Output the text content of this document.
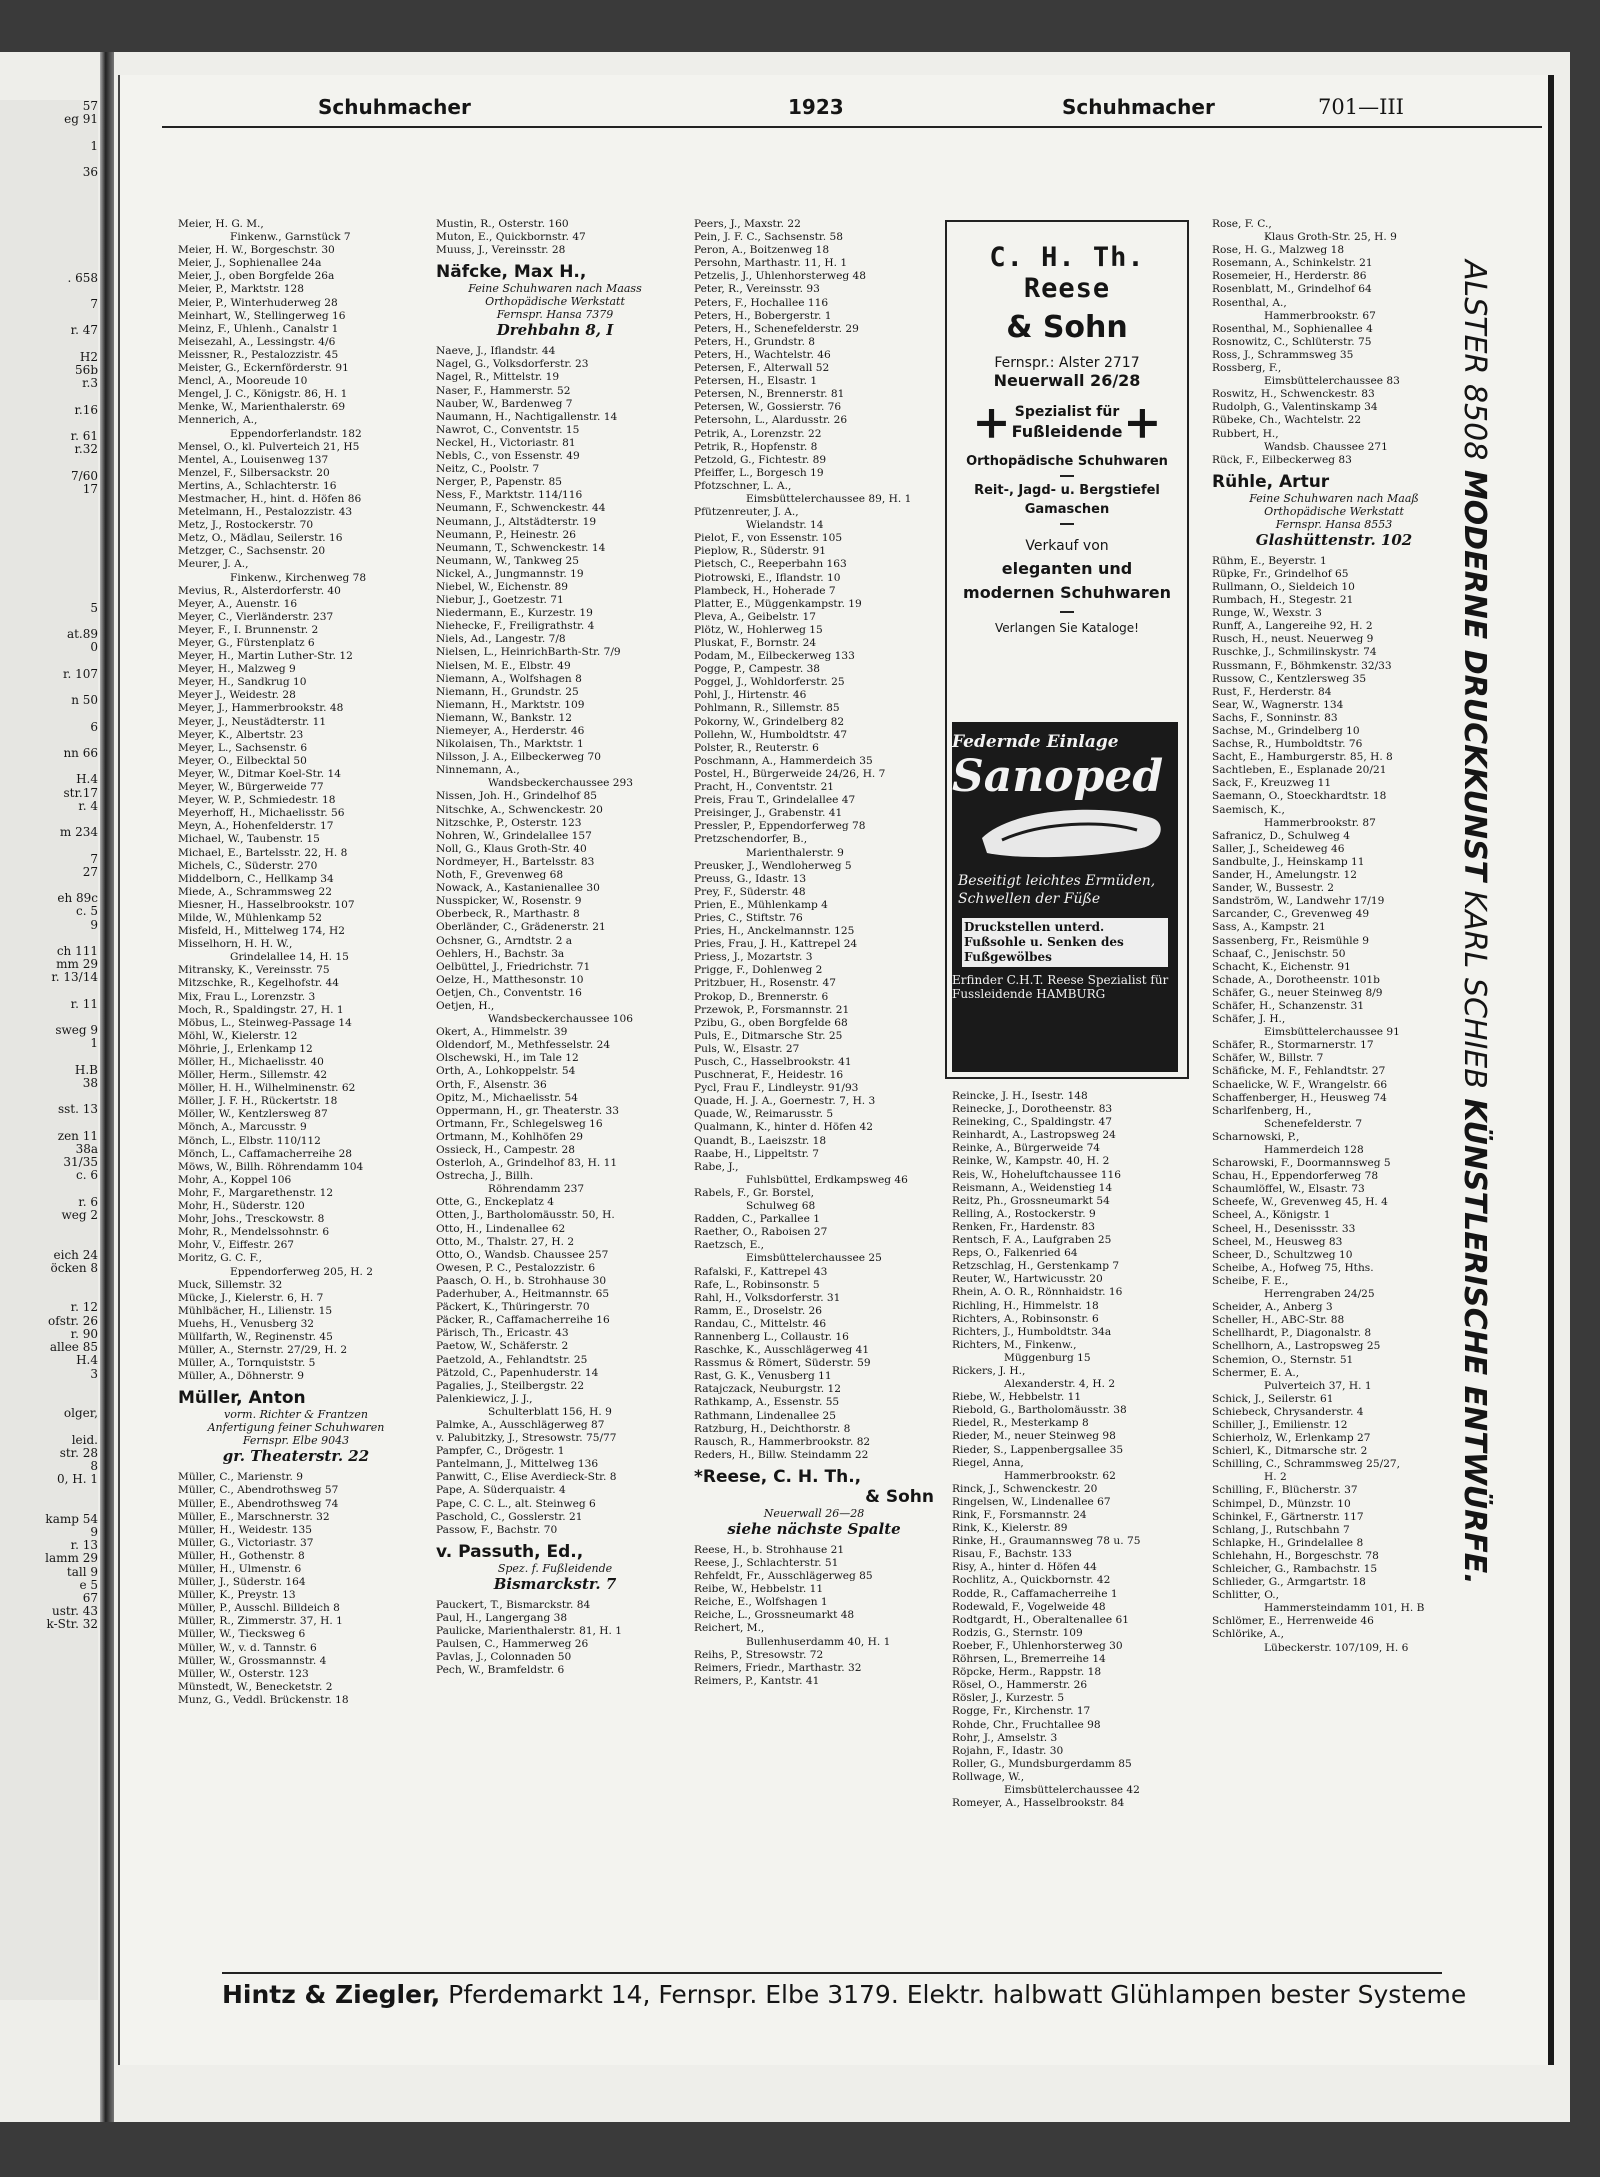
57
eg 91

1

36

. 658

7

r. 47

H2
56b
r.3

r.16

r. 61
r.32

7/60
17

5

at.89
0

r. 107

n 50

6

nn 66

H.4
str.17
r. 4

m 234

7
27

eh 89c
c. 5
9

ch 111
mm 29
r. 13/14

r. 11

sweg 9
1

H.B
38

sst. 13

zen 11
38a
31/35
c. 6

r. 6
weg 2

eich 24
öcken 8

r. 12
ofstr. 26
r. 90
allee 85
H.4
3

olger,

leid.
str. 28
8
0, H. 1

kamp 54
9
r. 13
lamm 29
tall 9
e 5
67
ustr. 43
k-Str. 32
Schuhmacher	1923	Schuhmacher	701—III
Meier, H. G. M.,
Finkenw., Garnstück 7
Meier, H. W., Borgeschstr. 30
Meier, J., Sophienallee 24a
Meier, J., oben Borgfelde 26a
Meier, P., Marktstr. 128
Meier, P., Winterhuderweg 28
Meinhart, W., Stellingerweg 16
Meinz, F., Uhlenh., Canalstr 1
Meisezahl, A., Lessingstr. 4/6
Meissner, R., Pestalozzistr. 45
Meister, G., Eckernförderstr. 91
Mencl, A., Mooreude 10
Mengel, J. C., Königstr. 86, H. 1
Menke, W., Marienthalerstr. 69
Mennerich, A.,
Eppendorferlandstr. 182
Mensel, O., kl. Pulverteich 21, H5
Mentel, A., Louisenweg 137
Menzel, F., Silbersackstr. 20
Mertins, A., Schlachterstr. 16
Mestmacher, H., hint. d. Höfen 86
Metelmann, H., Pestalozzistr. 43
Metz, J., Rostockerstr. 70
Metz, O., Mädlau, Seilerstr. 16
Metzger, C., Sachsenstr. 20
Meurer, J. A.,
Finkenw., Kirchenweg 78
Mevius, R., Alsterdorferstr. 40
Meyer, A., Auenstr. 16
Meyer, C., Vierländerstr. 237
Meyer, F., I. Brunnenstr. 2
Meyer, G., Fürstenplatz 6
Meyer, H., Martin Luther-Str. 12
Meyer, H., Malzweg 9
Meyer, H., Sandkrug 10
Meyer J., Weidestr. 28
Meyer, J., Hammerbrookstr. 48
Meyer, J., Neustädterstr. 11
Meyer, K., Albertstr. 23
Meyer, L., Sachsenstr. 6
Meyer, O., Eilbecktal 50
Meyer, W., Ditmar Koel-Str. 14
Meyer, W., Bürgerweide 77
Meyer, W. P., Schmiedestr. 18
Meyerhoff, H., Michaelisstr. 56
Meyn, A., Hohenfelderstr. 17
Michael, W., Taubenstr. 15
Michael, E., Bartelsstr. 22, H. 8
Michels, C., Süderstr. 270
Middelborn, C., Hellkamp 34
Miede, A., Schrammsweg 22
Miesner, H., Hasselbrookstr. 107
Milde, W., Mühlenkamp 52
Misfeld, H., Mittelweg 174, H2
Misselhorn, H. H. W.,
Grindelallee 14, H. 15
Mitransky, K., Vereinsstr. 75
Mitzschke, R., Kegelhofstr. 44
Mix, Frau L., Lorenzstr. 3
Moch, R., Spaldingstr. 27, H. 1
Möbus, L., Steinweg-Passage 14
Möhl, W., Kielerstr. 12
Möhrie, J., Erlenkamp 12
Möller, H., Michaelisstr. 40
Möller, Herm., Sillemstr. 42
Möller, H. H., Wilhelminenstr. 62
Möller, J. F. H., Rückertstr. 18
Möller, W., Kentzlersweg 87
Mönch, A., Marcusstr. 9
Mönch, L., Elbstr. 110/112
Mönch, L., Caffamacherreihe 28
Möws, W., Billh. Röhrendamm 104
Mohr, A., Koppel 106
Mohr, F., Margarethenstr. 12
Mohr, H., Süderstr. 120
Mohr, Johs., Tresckowstr. 8
Mohr, R., Mendelssohnstr. 6
Mohr, V., Eiffestr. 267
Moritz, G. C. F.,
Eppendorferweg 205, H. 2
Muck, Sillemstr. 32
Mücke, J., Kielerstr. 6, H. 7
Mühlbächer, H., Lilienstr. 15
Muehs, H., Venusberg 32
Müllfarth, W., Reginenstr. 45
Müller, A., Sternstr. 27/29, H. 2
Müller, A., Tornquiststr. 5
Müller, A., Döhnerstr. 9
Müller, Anton
vorm. Richter & Frantzen
Anfertigung feiner Schuhwaren
Fernspr. Elbe 9043
gr. Theaterstr. 22
Müller, C., Marienstr. 9
Müller, C., Abendrothsweg 57
Müller, E., Abendrothsweg 74
Müller, E., Marschnerstr. 32
Müller, H., Weidestr. 135
Müller, G., Victoriastr. 37
Müller, H., Gothenstr. 8
Müller, H., Ulmenstr. 6
Müller, J., Süderstr. 164
Müller, K., Preystr. 13
Müller, P., Ausschl. Billdeich 8
Müller, R., Zimmerstr. 37, H. 1
Müller, W., Tiecksweg 6
Müller, W., v. d. Tannstr. 6
Müller, W., Grossmannstr. 4
Müller, W., Osterstr. 123
Münstedt, W., Benecketstr. 2
Munz, G., Veddl. Brückenstr. 18
Mustin, R., Osterstr. 160
Muton, E., Quickbornstr. 47
Muuss, J., Vereinsstr. 28
Näfcke, Max H.,
Feine Schuhwaren nach Maass
Orthopädische Werkstatt
Fernspr. Hansa 7379
Drehbahn 8, I
Naeve, J., Iflandstr. 44
Nagel, G., Volksdorferstr. 23
Nagel, R., Mittelstr. 19
Naser, F., Hammerstr. 52
Nauber, W., Bardenweg 7
Naumann, H., Nachtigallenstr. 14
Nawrot, C., Conventstr. 15
Neckel, H., Victoriastr. 81
Nebls, C., von Essenstr. 49
Neitz, C., Poolstr. 7
Nerger, P., Papenstr. 85
Ness, F., Marktstr. 114/116
Neumann, F., Schwenckestr. 44
Neumann, J., Altstädterstr. 19
Neumann, P., Heinestr. 26
Neumann, T., Schwenckestr. 14
Neumann, W., Tankweg 25
Nickel, A., Jungmannstr. 19
Niebel, W., Eichenstr. 89
Niebur, J., Goetzestr. 71
Niedermann, E., Kurzestr. 19
Niehecke, F., Freiligrathstr. 4
Niels, Ad., Langestr. 7/8
Nielsen, L., HeinrichBarth-Str. 7/9
Nielsen, M. E., Elbstr. 49
Niemann, A., Wolfshagen 8
Niemann, H., Grundstr. 25
Niemann, H., Marktstr. 109
Niemann, W., Bankstr. 12
Niemeyer, A., Herderstr. 46
Nikolaisen, Th., Marktstr. 1
Nilsson, J. A., Eilbeckerweg 70
Ninnemann, A.,
Wandsbeckerchaussee 293
Nissen, Joh. H., Grindelhof 85
Nitschke, A., Schwenckestr. 20
Nitzschke, P., Osterstr. 123
Nohren, W., Grindelallee 157
Noll, G., Klaus Groth-Str. 40
Nordmeyer, H., Bartelsstr. 83
Noth, F., Grevenweg 68
Nowack, A., Kastanienallee 30
Nusspicker, W., Rosenstr. 9
Oberbeck, R., Marthastr. 8
Oberländer, C., Grädenerstr. 21
Ochsner, G., Arndtstr. 2 a
Oehlers, H., Bachstr. 3a
Oelbüttel, J., Friedrichstr. 71
Oelze, H., Matthesonstr. 10
Oetjen, Ch., Conventstr. 16
Oetjen, H.,
Wandsbeckerchaussee 106
Okert, A., Himmelstr. 39
Oldendorf, M., Methfesselstr. 24
Olschewski, H., im Tale 12
Orth, A., Lohkoppelstr. 54
Orth, F., Alsenstr. 36
Opitz, M., Michaelisstr. 54
Oppermann, H., gr. Theaterstr. 33
Ortmann, Fr., Schlegelsweg 16
Ortmann, M., Kohlhöfen 29
Ossieck, H., Campestr. 28
Osterloh, A., Grindelhof 83, H. 11
Ostrecha, J., Billh.
Röhrendamm 237
Otte, G., Enckeplatz 4
Otten, J., Bartholomäusstr. 50, H.
Otto, H., Lindenallee 62
Otto, M., Thalstr. 27, H. 2
Otto, O., Wandsb. Chaussee 257
Owesen, P. C., Pestalozzistr. 6
Paasch, O. H., b. Strohhause 30
Paderhuber, A., Heitmannstr. 65
Päckert, K., Thüringerstr. 70
Päcker, R., Caffamacherreihe 16
Pärisch, Th., Ericastr. 43
Paetow, W., Schäferstr. 2
Paetzold, A., Fehlandtstr. 25
Pätzold, C., Papenhuderstr. 14
Pagalies, J., Steilbergstr. 22
Palenkiewicz, J. J.,
Schulterblatt 156, H. 9
Palmke, A., Ausschlägerweg 87
v. Palubitzky, J., Stresowstr. 75/77
Pampfer, C., Drögestr. 1
Pantelmann, J., Mittelweg 136
Panwitt, C., Elise Averdieck-Str. 8
Pape, A. Süderquaistr. 4
Pape, C. C. L., alt. Steinweg 6
Paschold, C., Gosslerstr. 21
Passow, F., Bachstr. 70
v. Passuth, Ed.,
Spez. f. Fußleidende
Bismarckstr. 7
Pauckert, T., Bismarckstr. 84
Paul, H., Langergang 38
Paulicke, Marienthalerstr. 81, H. 1
Paulsen, C., Hammerweg 26
Pavlas, J., Colonnaden 50
Pech, W., Bramfeldstr. 6
Peers, J., Maxstr. 22
Pein, J. F. C., Sachsenstr. 58
Peron, A., Boitzenweg 18
Persohn, Marthastr. 11, H. 1
Petzelis, J., Uhlenhorsterweg 48
Peter, R., Vereinsstr. 93
Peters, F., Hochallee 116
Peters, H., Bobergerstr. 1
Peters, H., Schenefelderstr. 29
Peters, H., Grundstr. 8
Peters, H., Wachtelstr. 46
Petersen, F., Alterwall 52
Petersen, H., Elsastr. 1
Petersen, N., Brennerstr. 81
Petersen, W., Gossierstr. 76
Petersohn, L., Alardusstr. 26
Petrik, A., Lorenzstr. 22
Petrik, R., Hopfenstr. 8
Petzold, G., Fichtestr. 89
Pfeiffer, L., Borgesch 19
Pfotzschner, L. A.,
Eimsbüttelerchaussee 89, H. 1
Pfützenreuter, J. A.,
Wielandstr. 14
Pielot, F., von Essenstr. 105
Pieplow, R., Süderstr. 91
Pietsch, C., Reeperbahn 163
Piotrowski, E., Iflandstr. 10
Plambeck, H., Hoherade 7
Platter, E., Müggenkampstr. 19
Pleva, A., Geibelstr. 17
Plötz, W., Hohlerweg 15
Pluskat, F., Bornstr. 24
Podam, M., Eilbeckerweg 133
Pogge, P., Campestr. 38
Poggel, J., Wohldorferstr. 25
Pohl, J., Hirtenstr. 46
Pohlmann, R., Sillemstr. 85
Pokorny, W., Grindelberg 82
Pollehn, W., Humboldtstr. 47
Polster, R., Reuterstr. 6
Poschmann, A., Hammerdeich 35
Postel, H., Bürgerweide 24/26, H. 7
Pracht, H., Conventstr. 21
Preis, Frau T., Grindelallee 47
Preisinger, J., Grabenstr. 41
Pressler, P., Eppendorferweg 78
Pretzschendorfer, B.,
Marienthalerstr. 9
Preusker, J., Wendloherweg 5
Preuss, G., Idastr. 13
Prey, F., Süderstr. 48
Prien, E., Mühlenkamp 4
Pries, C., Stiftstr. 76
Pries, H., Anckelmannstr. 125
Pries, Frau, J. H., Kattrepel 24
Priess, J., Mozartstr. 3
Prigge, F., Dohlenweg 2
Pritzbuer, H., Rosenstr. 47
Prokop, D., Brennerstr. 6
Przewok, P., Forsmannstr. 21
Pzibu, G., oben Borgfelde 68
Puls, E., Ditmarsche Str. 25
Puls, W., Elsastr. 27
Pusch, C., Hasselbrookstr. 41
Puschnerat, F., Heidestr. 16
Pycl, Frau F., Lindleystr. 91/93
Quade, H. J. A., Goernestr. 7, H. 3
Quade, W., Reimarusstr. 5
Qualmann, K., hinter d. Höfen 42
Quandt, B., Laeiszstr. 18
Raabe, H., Lippeltstr. 7
Rabe, J.,
Fuhlsbüttel, Erdkampsweg 46
Rabels, F., Gr. Borstel,
Schulweg 68
Radden, C., Parkallee 1
Raether, O., Raboisen 27
Raetzsch, E.,
Eimsbüttelerchaussee 25
Rafalski, F., Kattrepel 43
Rafe, L., Robinsonstr. 5
Rahl, H., Volksdorferstr. 31
Ramm, E., Droselstr. 26
Randau, C., Mittelstr. 46
Rannenberg L., Collaustr. 16
Raschke, K., Ausschlägerweg 41
Rassmus & Römert, Süderstr. 59
Rast, G. K., Venusberg 11
Ratajczack, Neuburgstr. 12
Rathkamp, A., Essenstr. 55
Rathmann, Lindenallee 25
Ratzburg, H., Deichthorstr. 8
Rausch, R., Hammerbrookstr. 82
Reders, H., Billw. Steindamm 22
*Reese, C. H. Th.,
& Sohn
Neuerwall 26—28
siehe nächste Spalte
Reese, H., b. Strohhause 21
Reese, J., Schlachterstr. 51
Rehfeldt, Fr., Ausschlägerweg 85
Reibe, W., Hebbelstr. 11
Reiche, E., Wolfshagen 1
Reiche, L., Grossneumarkt 48
Reichert, M.,
Bullenhuserdamm 40, H. 1
Reihs, P., Stresowstr. 72
Reimers, Friedr., Marthastr. 32
Reimers, P., Kantstr. 41
C. H. Th. Reese
& Sohn
Fernspr.: Alster 2717
Neuerwall 26/28
+ Spezialist für
Fußleidende +
Orthopädische Schuhwaren
Reit-, Jagd- u. Bergstiefel
Gamaschen
Verkauf von
eleganten und
modernen Schuhwaren
Verlangen Sie Kataloge!
Federnde Einlage
Sanoped
Beseitigt leichtes Ermüden, Schwellen der Füße
Druckstellen unterd. Fußsohle u. Senken des Fußgewölbes
Erfinder C.H.T. Reese Spezialist für Fussleidende HAMBURG
Reincke, J. H., Isestr. 148
Reinecke, J., Dorotheenstr. 83
Reineking, C., Spaldingstr. 47
Reinhardt, A., Lastropsweg 24
Reinke, A., Bürgerweide 74
Reinke, W., Kampstr. 40, H. 2
Reis, W., Hoheluftchaussee 116
Reismann, A., Weidenstieg 14
Reitz, Ph., Grossneumarkt 54
Relling, A., Rostockerstr. 9
Renken, Fr., Hardenstr. 83
Rentsch, F. A., Laufgraben 25
Reps, O., Falkenried 64
Retzschlag, H., Gerstenkamp 7
Reuter, W., Hartwicusstr. 20
Rhein, A. O. R., Rönnhaidstr. 16
Richling, H., Himmelstr. 18
Richters, A., Robinsonstr. 6
Richters, J., Humboldtstr. 34a
Richters, M., Finkenw.,
Müggenburg 15
Rickers, J. H.,
Alexanderstr. 4, H. 2
Riebe, W., Hebbelstr. 11
Riebold, G., Bartholomäusstr. 38
Riedel, R., Mesterkamp 8
Rieder, M., neuer Steinweg 98
Rieder, S., Lappenbergsallee 35
Riegel, Anna,
Hammerbrookstr. 62
Rinck, J., Schwenckestr. 20
Ringelsen, W., Lindenallee 67
Rink, F., Forsmannstr. 24
Rink, K., Kielerstr. 89
Rinke, H., Graumannsweg 78 u. 75
Risau, F., Bachstr. 133
Risy, A., hinter d. Höfen 44
Rochlitz, A., Quickbornstr. 42
Rodde, R., Caffamacherreihe 1
Rodewald, F., Vogelweide 48
Rodtgardt, H., Oberaltenallee 61
Rodzis, G., Sternstr. 109
Roeber, F., Uhlenhorsterweg 30
Röhrsen, L., Bremerreihe 14
Röpcke, Herm., Rappstr. 18
Rösel, O., Hammerstr. 26
Rösler, J., Kurzestr. 5
Rogge, Fr., Kirchenstr. 17
Rohde, Chr., Fruchtallee 98
Rohr, J., Amselstr. 3
Rojahn, F., Idastr. 30
Roller, G., Mundsburgerdamm 85
Rollwage, W.,
Eimsbüttelerchaussee 42
Romeyer, A., Hasselbrookstr. 84
Rose, F. C.,
Klaus Groth-Str. 25, H. 9
Rose, H. G., Malzweg 18
Rosemann, A., Schinkelstr. 21
Rosemeier, H., Herderstr. 86
Rosenblatt, M., Grindelhof 64
Rosenthal, A.,
Hammerbrookstr. 67
Rosenthal, M., Sophienallee 4
Rosnowitz, C., Schlüterstr. 75
Ross, J., Schrammsweg 35
Rossberg, F.,
Eimsbüttelerchaussee 83
Roswitz, H., Schwenckestr. 83
Rudolph, G., Valentinskamp 34
Rübeke, Ch., Wachtelstr. 22
Rubbert, H.,
Wandsb. Chaussee 271
Rück, F., Eilbeckerweg 83
Rühle, Artur
Feine Schuhwaren nach Maaß
Orthopädische Werkstatt
Fernspr. Hansa 8553
Glashüttenstr. 102
Rühm, E., Beyerstr. 1
Rüpke, Fr., Grindelhof 65
Rullmann, O., Sieldeich 10
Rumbach, H., Stegestr. 21
Runge, W., Wexstr. 3
Runff, A., Langereihe 92, H. 2
Rusch, H., neust. Neuerweg 9
Ruschke, J., Schmilinskystr. 74
Russmann, F., Böhmkenstr. 32/33
Russow, C., Kentzlersweg 35
Rust, F., Herderstr. 84
Sear, W., Wagnerstr. 134
Sachs, F., Sonninstr. 83
Sachse, M., Grindelberg 10
Sachse, R., Humboldtstr. 76
Sacht, E., Hamburgerstr. 85, H. 8
Sachtleben, E., Esplanade 20/21
Sack, F., Kreuzweg 11
Saemann, O., Stoeckhardtstr. 18
Saemisch, K.,
Hammerbrookstr. 87
Safranicz, D., Schulweg 4
Saller, J., Scheideweg 46
Sandbulte, J., Heinskamp 11
Sander, H., Amelungstr. 12
Sander, W., Bussestr. 2
Sandström, W., Landwehr 17/19
Sarcander, C., Grevenweg 49
Sass, A., Kampstr. 21
Sassenberg, Fr., Reismühle 9
Schaaf, C., Jenischstr. 50
Schacht, K., Eichenstr. 91
Schade, A., Dorotheenstr. 101b
Schäfer, G., neuer Steinweg 8/9
Schäfer, H., Schanzenstr. 31
Schäfer, J. H.,
Eimsbüttelerchaussee 91
Schäfer, R., Stormarnerstr. 17
Schäfer, W., Billstr. 7
Schäficke, M. F., Fehlandtstr. 27
Schaelicke, W. F., Wrangelstr. 66
Schaffenberger, H., Heusweg 74
Scharlfenberg, H.,
Schenefelderstr. 7
Scharnowski, P.,
Hammerdeich 128
Scharowski, F., Doormannsweg 5
Schau, H., Eppendorferweg 78
Schaumlöffel, W., Elsastr. 73
Scheefe, W., Grevenweg 45, H. 4
Scheel, A., Königstr. 1
Scheel, H., Desenissstr. 33
Scheel, M., Heusweg 83
Scheer, D., Schultzweg 10
Scheibe, A., Hofweg 75, Hths.
Scheibe, F. E.,
Herrengraben 24/25
Scheider, A., Anberg 3
Scheller, H., ABC-Str. 88
Schellhardt, P., Diagonalstr. 8
Schellhorn, A., Lastropsweg 25
Schemion, O., Sternstr. 51
Schermer, E. A.,
Pulverteich 37, H. 1
Schick, J., Seilerstr. 61
Schiebeck, Chrysanderstr. 4
Schiller, J., Emilienstr. 12
Schierholz, W., Erlenkamp 27
Schierl, K., Ditmarsche str. 2
Schilling, C., Schrammsweg 25/27,
H. 2
Schilling, F., Blücherstr. 37
Schimpel, D., Münzstr. 10
Schinkel, F., Gärtnerstr. 117
Schlang, J., Rutschbahn 7
Schlapke, H., Grindelallee 8
Schlehahn, H., Borgeschstr. 78
Schleicher, G., Rambachstr. 15
Schlieder, G., Armgartstr. 18
Schlitter, O.,
Hammersteindamm 101, H. B
Schlömer, E., Herrenweide 46
Schlörike, A.,
Lübeckerstr. 107/109, H. 6
ALSTER 8508 MODERNE DRUCKKUNST KARL SCHIEB KÜNSTLERISCHE ENTWÜRFE.
Hintz & Ziegler, Pferdemarkt 14, Fernspr. Elbe 3179. Elektr. halbwatt Glühlampen bester Systeme
